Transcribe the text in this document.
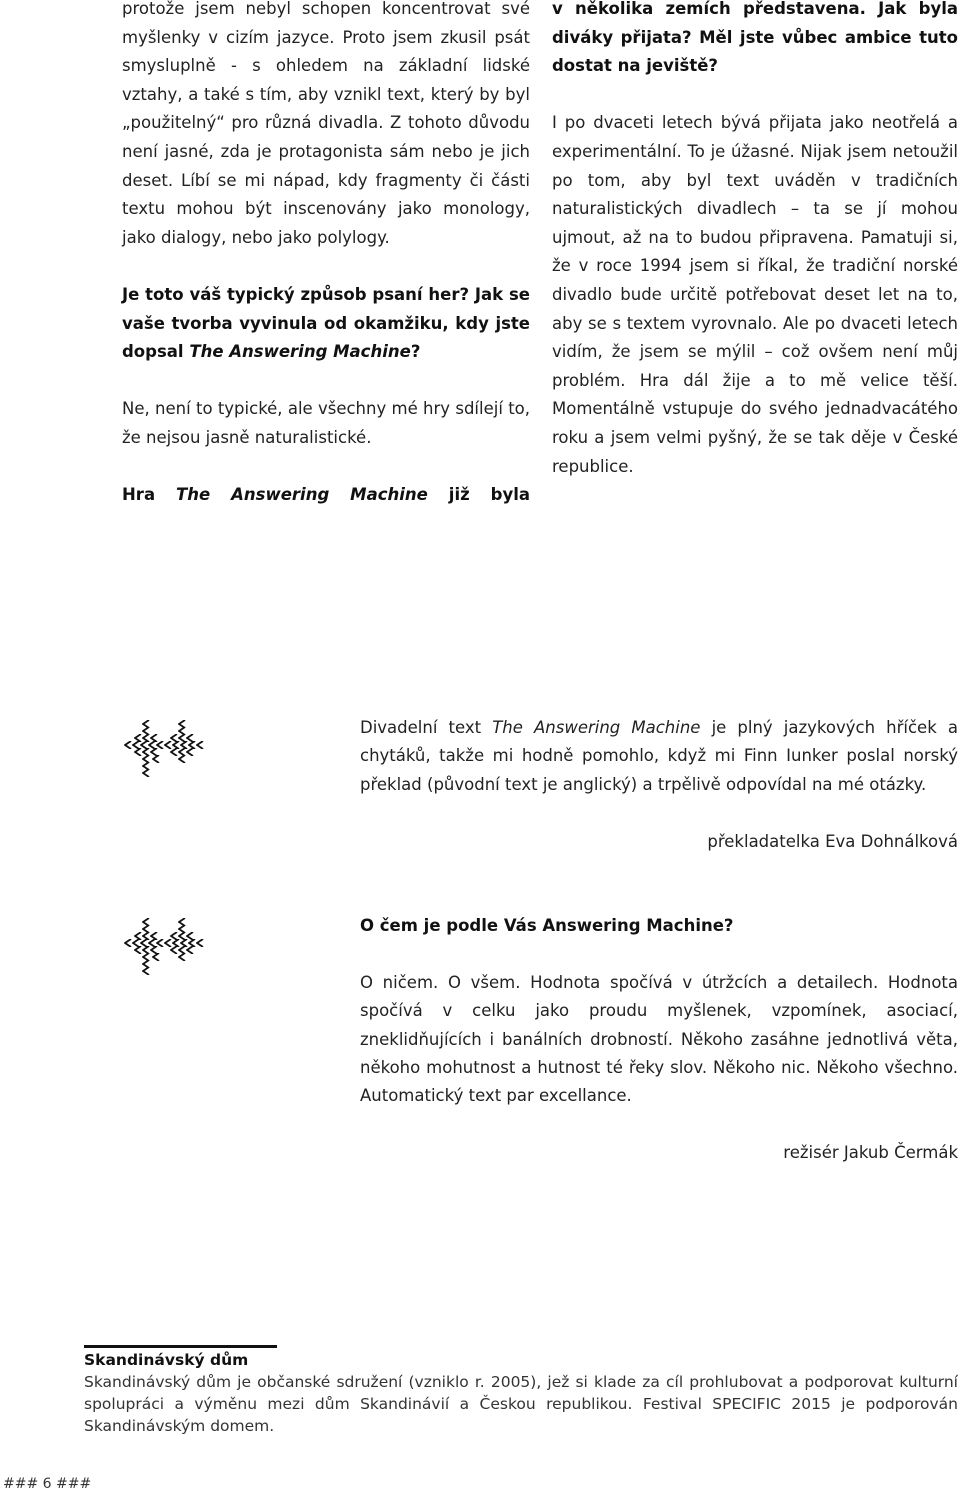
protože jsem nebyl schopen koncentrovat své myšlenky v cizím jazyce. Proto jsem zkusil psát smysluplně - s ohledem na základní lidské vztahy, a také s tím, aby vznikl text, který by byl „použitelný“ pro různá divadla. Z tohoto důvodu není jasné, zda je protagonista sám nebo je jich deset. Líbí se mi nápad, kdy fragmenty či části textu mohou být inscenovány jako monology, jako dialogy, nebo jako polylogy.

Je toto váš typický způsob psaní her? Jak se vaše tvorba vyvinula od okamžiku, kdy jste dopsal The Answering Machine?

Ne, není to typické, ale všechny mé hry sdílejí to, že nejsou jasně naturalistické.

Hra The Answering Machine již byla

v několika zemích představena. Jak byla diváky přijata? Měl jste vůbec ambice tuto dostat na jeviště?

I po dvaceti letech bývá přijata jako neotřelá a experimentální. To je úžasné. Nijak jsem netoužil po tom, aby byl text uváděn v tradičních naturalistických divadlech – ta se jí mohou ujmout, až na to budou připravena. Pamatuji si, že v roce 1994 jsem si říkal, že tradiční norské divadlo bude určitě potřebovat deset let na to, aby se s textem vyrovnalo. Ale po dvaceti letech vidím, že jsem se mýlil – což ovšem není můj problém. Hra dál žije a to mě velice těší. Momentálně vstupuje do svého jednadvacátého roku a jsem velmi pyšný, že se tak děje v České republice.

Divadelní text The Answering Machine je plný jazykových hříček a chytáků, takže mi hodně pomohlo, když mi Finn Iunker poslal norský překlad (původní text je anglický) a trpělivě odpovídal na mé otázky.

překladatelka Eva Dohnálková

O čem je podle Vás Answering Machine?

O ničem. O všem. Hodnota spočívá v útržcích a detailech. Hodnota spočívá v celku jako proudu myšlenek, vzpomínek, asociací, zneklidňujících i banálních drobností. Někoho zasáhne jednotlivá věta, někoho mohutnost a hutnost té řeky slov. Někoho nic. Někoho všechno. Automatický text par excellance.

režisér Jakub Čermák

Skandinávský dům
Skandinávský dům je občanské sdružení (vzniklo r. 2005), jež si klade za cíl prohlubovat a podporovat kulturní spolupráci a výměnu mezi dům Skandinávií a Českou republikou. Festival SPECIFIC 2015 je podporován Skandinávským domem.
### 6 ###
